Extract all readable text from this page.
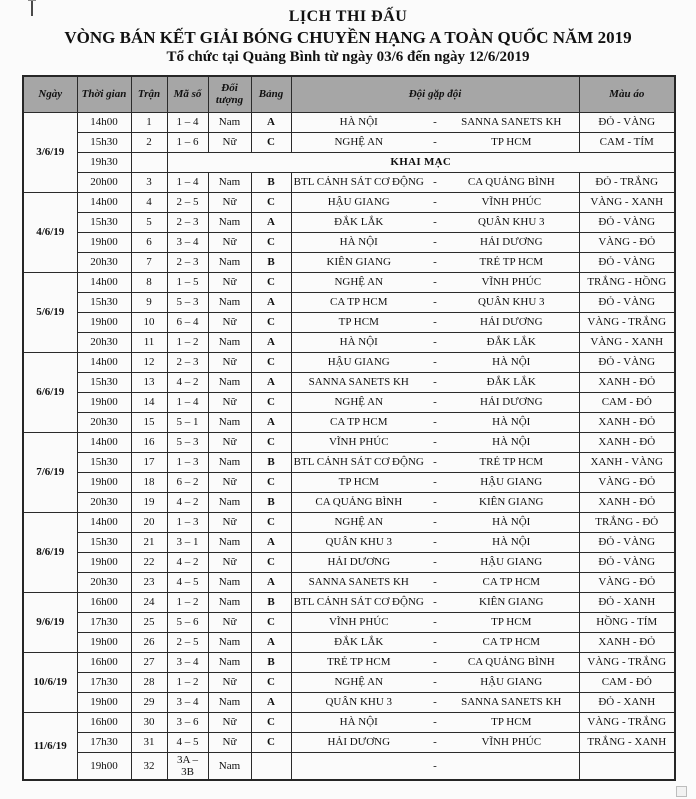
LỊCH THI ĐẤU
VÒNG BÁN KẾT GIẢI BÓNG CHUYỀN HẠNG A TOÀN QUỐC NĂM 2019
Tổ chức tại Quảng Bình từ ngày 03/6 đến ngày 12/6/2019
Ngày	Thời gian	Trận	Mã số	Đối tượng	Bảng	Đội gặp đội	Màu áo
3/6/19	14h00	1	1 – 4	Nam	A	HÀ NỘI - SANNA SANETS KH	ĐỎ - VÀNG
	15h30	2	1 – 6	Nữ	C	NGHỆ AN - TP HCM	CAM - TÍM
	19h30		KHAI MẠC				
	20h00	3	1 – 4	Nam	B	BTL CẢNH SÁT CƠ ĐỘNG - CA QUẢNG BÌNH	ĐỎ - TRẮNG
4/6/19	14h00	4	2 – 5	Nữ	C	HẬU GIANG - VĨNH PHÚC	VÀNG - XANH
	15h30	5	2 – 3	Nam	A	ĐẮK LẮK - QUÂN KHU 3	ĐỎ - VÀNG
	19h00	6	3 – 4	Nữ	C	HÀ NỘI - HẢI DƯƠNG	VÀNG - ĐỎ
	20h30	7	2 – 3	Nam	B	KIÊN GIANG - TRẺ TP HCM	ĐỎ - VÀNG
5/6/19	14h00	8	1 – 5	Nữ	C	NGHỆ AN - VĨNH PHÚC	TRẮNG - HỒNG
	15h30	9	5 – 3	Nam	A	CA TP HCM - QUÂN KHU 3	ĐỎ - VÀNG
	19h00	10	6 – 4	Nữ	C	TP HCM - HẢI DƯƠNG	VÀNG - TRẮNG
	20h30	11	1 – 2	Nam	A	HÀ NỘI - ĐẮK LẮK	VÀNG - XANH
6/6/19	14h00	12	2 – 3	Nữ	C	HẬU GIANG - HÀ NỘI	ĐỎ - VÀNG
	15h30	13	4 – 2	Nam	A	SANNA SANETS KH - ĐẮK LẮK	XANH - ĐỎ
	19h00	14	1 – 4	Nữ	C	NGHỆ AN - HẢI DƯƠNG	CAM - ĐỎ
	20h30	15	5 – 1	Nam	A	CA TP HCM - HÀ NỘI	XANH - ĐỎ
7/6/19	14h00	16	5 – 3	Nữ	C	VĨNH PHÚC - HÀ NỘI	XANH - ĐỎ
	15h30	17	1 – 3	Nam	B	BTL CẢNH SÁT CƠ ĐỘNG - TRẺ TP HCM	XANH - VÀNG
	19h00	18	6 – 2	Nữ	C	TP HCM - HẬU GIANG	VÀNG - ĐỎ
	20h30	19	4 – 2	Nam	B	CA QUẢNG BÌNH - KIÊN GIANG	XANH - ĐỎ
8/6/19	14h00	20	1 – 3	Nữ	C	NGHỆ AN - HÀ NỘI	TRẮNG - ĐỎ
	15h30	21	3 – 1	Nam	A	QUÂN KHU 3 - HÀ NỘI	ĐỎ - VÀNG
	19h00	22	4 – 2	Nữ	C	HẢI DƯƠNG - HẬU GIANG	ĐỎ - VÀNG
	20h30	23	4 – 5	Nam	A	SANNA SANETS KH - CA TP HCM	VÀNG - ĐỎ
9/6/19	16h00	24	1 – 2	Nam	B	BTL CẢNH SÁT CƠ ĐỘNG - KIÊN GIANG	ĐỎ - XANH
	17h30	25	5 – 6	Nữ	C	VĨNH PHÚC - TP HCM	HỒNG - TÍM
	19h00	26	2 – 5	Nam	A	ĐẮK LẮK - CA TP HCM	XANH - ĐỎ
10/6/19	16h00	27	3 – 4	Nam	B	TRẺ TP HCM - CA QUẢNG BÌNH	VÀNG - TRẮNG
	17h30	28	1 – 2	Nữ	C	NGHỆ AN - HẬU GIANG	CAM - ĐỎ
	19h00	29	3 – 4	Nam	A	QUÂN KHU 3 - SANNA SANETS KH	ĐỎ - XANH
11/6/19	16h00	30	3 – 6	Nữ	C	HÀ NỘI - TP HCM	VÀNG - TRẮNG
	17h30	31	4 – 5	Nữ	C	HẢI DƯƠNG - VĨNH PHÚC	TRẮNG - XANH
	19h00	32	3A – 3B	Nam		-	
